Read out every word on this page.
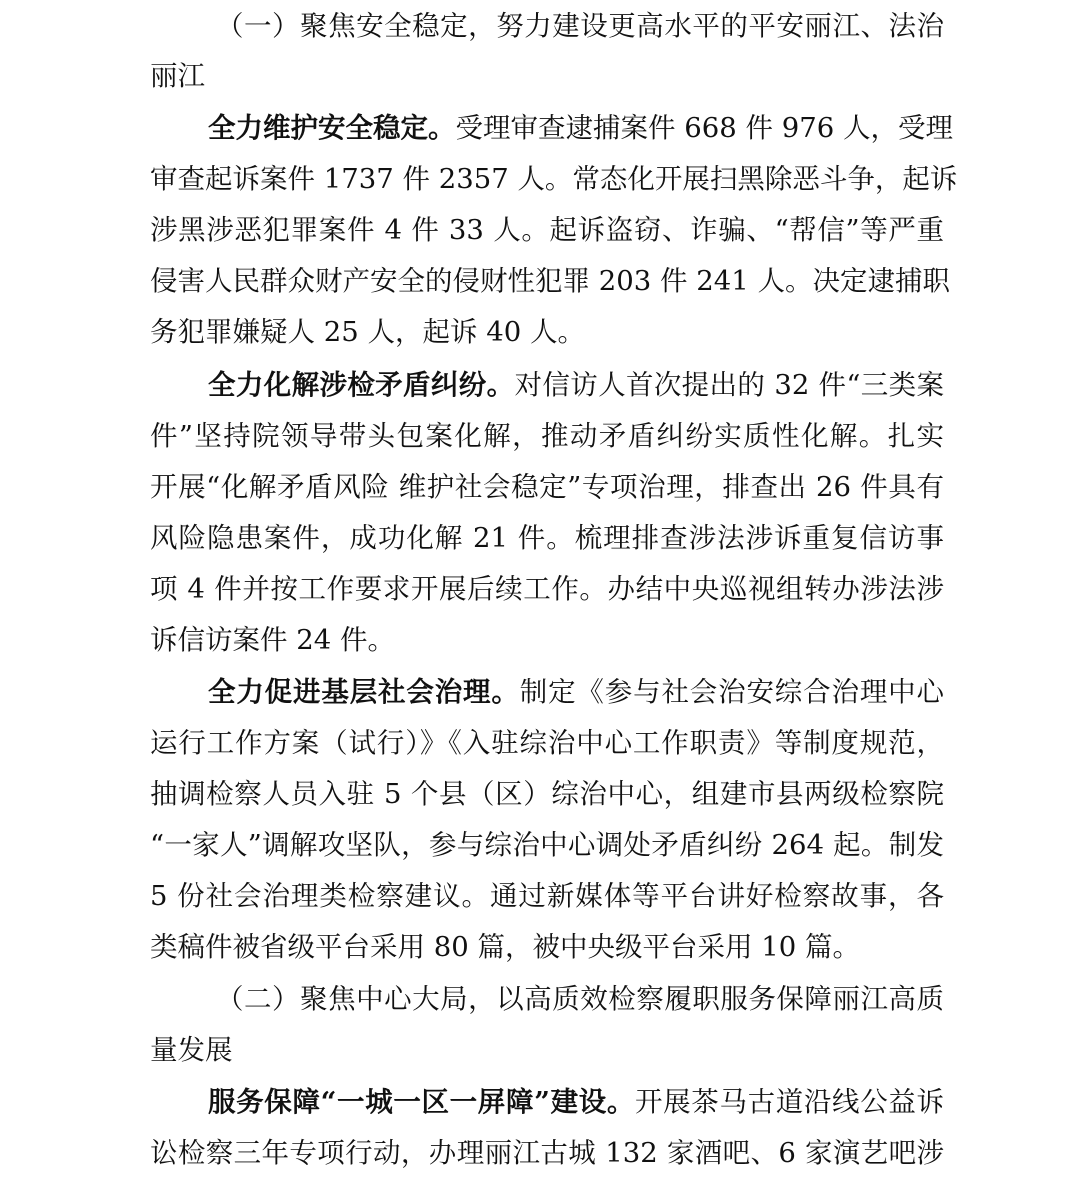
（一）聚焦安全稳定，努力建设更高水平的平安丽江、法治
丽江
全力维护安全稳定。受理审查逮捕案件 668 件 976 人，受理
审查起诉案件 1737 件 2357 人。常态化开展扫黑除恶斗争，起诉
涉黑涉恶犯罪案件 4 件 33 人。起诉盗窃、诈骗、“帮信”等严重
侵害人民群众财产安全的侵财性犯罪 203 件 241 人。决定逮捕职
务犯罪嫌疑人 25 人，起诉 40 人。
全力化解涉检矛盾纠纷。对信访人首次提出的 32 件“三类案
件”坚持院领导带头包案化解，推动矛盾纠纷实质性化解。扎实
开展“化解矛盾风险 维护社会稳定”专项治理，排查出 26 件具有
风险隐患案件，成功化解 21 件。梳理排查涉法涉诉重复信访事
项 4 件并按工作要求开展后续工作。办结中央巡视组转办涉法涉
诉信访案件 24 件。
全力促进基层社会治理。制定《参与社会治安综合治理中心
运行工作方案（试行）》《入驻综治中心工作职责》等制度规范，
抽调检察人员入驻 5 个县（区）综治中心，组建市县两级检察院
“一家人”调解攻坚队，参与综治中心调处矛盾纠纷 264 起。制发
5 份社会治理类检察建议。通过新媒体等平台讲好检察故事，各
类稿件被省级平台采用 80 篇，被中央级平台采用 10 篇。
（二）聚焦中心大局，以高质效检察履职服务保障丽江高质
量发展
服务保障“一城一区一屏障”建设。开展茶马古道沿线公益诉
讼检察三年专项行动，办理丽江古城 132 家酒吧、6 家演艺吧涉
